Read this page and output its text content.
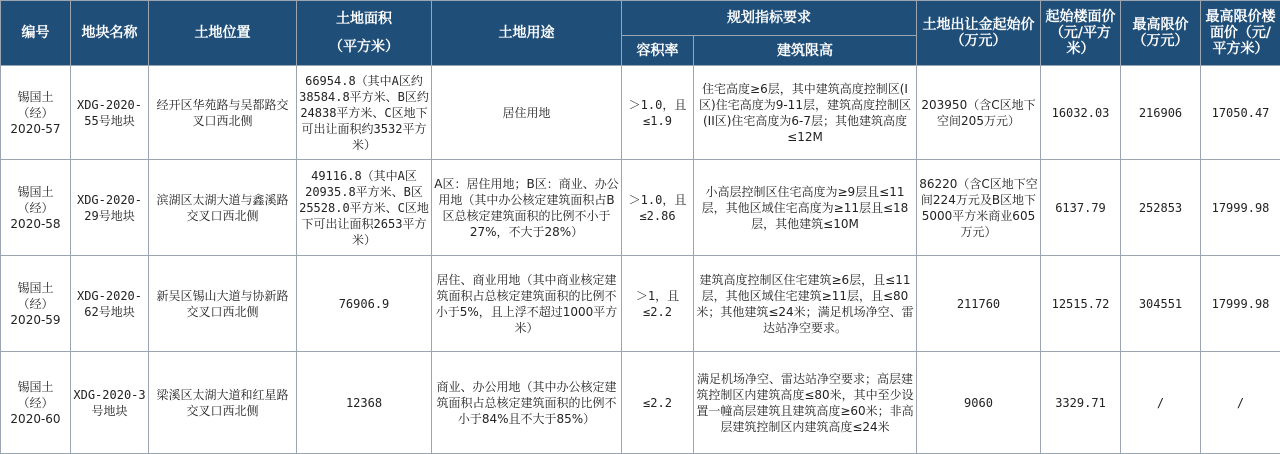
编号	地块名称	土地位置	土地面积
（平方米）	土地用途	规划指标要求		土地出让金起始价（万元）	起始楼面价（元/平方米）	最高限价（万元）	最高限价楼面价（元/平方米）
					容积率	建筑限高				
锡国土（经）2020-57	XDG-2020-55号地块	经开区华苑路与吴都路交叉口西北侧	66954.8（其中A区约38584.8平方米、B区约24838平方米、C区地下可出让面积约3532平方米）	居住用地	＞1.0，且≤1.9	住宅高度≥6层，其中建筑高度控制区(I区)住宅高度为9-11层，建筑高度控制区(II区)住宅高度为6-7层；其他建筑高度≤12M	203950（含C区地下空间205万元）	16032.03	216906	17050.47
锡国土（经）2020-58	XDG-2020-29号地块	滨湖区太湖大道与鑫溪路交叉口西北侧	49116.8（其中A区20935.8平方米、B区25528.0平方米、C区地下可出让面积2653平方米）	A区：居住用地；B区：商业、办公用地（其中办公核定建筑面积占B区总核定建筑面积的比例不小于27%，不大于28%）	＞1.0，且≤2.86	小高层控制区住宅高度为≥9层且≤11层，其他区域住宅高度为≥11层且≤18层，其他建筑≤10M	86220（含C区地下空间224万元及B区地下5000平方米商业605万元）	6137.79	252853	17999.98
锡国土（经）2020-59	XDG-2020-62号地块	新吴区锡山大道与协新路交叉口西北侧	76906.9	居住、商业用地（其中商业核定建筑面积占总核定建筑面积的比例不小于5%，且上浮不超过1000平方米）	＞1，且≤2.2	建筑高度控制区住宅建筑≥6层，且≤11层，其他区域住宅建筑≥11层，且≤80米；其他建筑≤24米；满足机场净空、雷达站净空要求。	211760	12515.72	304551	17999.98
锡国土（经）2020-60	XDG-2020-3号地块	梁溪区太湖大道和红星路交叉口西北侧	12368	商业、办公用地（其中办公核定建筑面积占总核定建筑面积的比例不小于84%且不大于85%）	≤2.2	满足机场净空、雷达站净空要求；高层建筑控制区内建筑高度≤80米，其中至少设置一幢高层建筑且建筑高度≥60米；非高层建筑控制区内建筑高度≤24米	9060	3329.71	/	/
